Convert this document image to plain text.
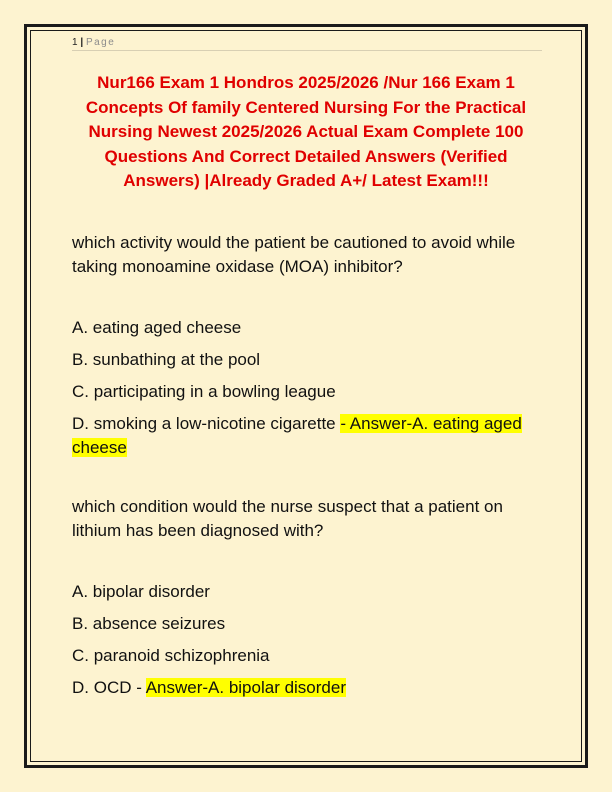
1 | Page
Nur166 Exam 1 Hondros 2025/2026 /Nur 166 Exam 1 Concepts Of family Centered Nursing For the Practical Nursing Newest 2025/2026 Actual Exam Complete 100 Questions And Correct Detailed Answers (Verified Answers) |Already Graded A+/ Latest Exam!!!

which activity would the patient be cautioned to avoid while taking monoamine oxidase (MOA) inhibitor?

A. eating aged cheese

B. sunbathing at the pool

C. participating in a bowling league

D. smoking a low-nicotine cigarette - Answer-A. eating aged cheese

which condition would the nurse suspect that a patient on lithium has been diagnosed with?

A. bipolar disorder

B. absence seizures

C. paranoid schizophrenia

D. OCD - Answer-A. bipolar disorder
